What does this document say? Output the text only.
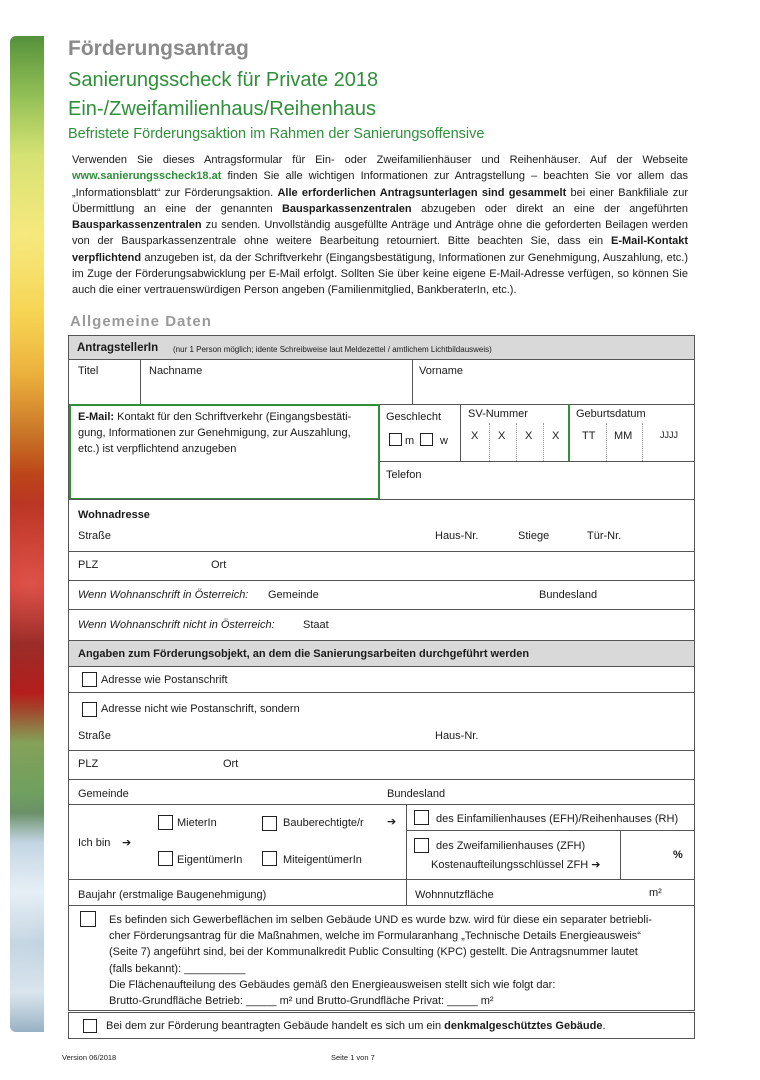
Förderungsantrag
Sanierungsscheck für Private 2018
Ein-/Zweifamilienhaus/Reihenhaus
Befristete Förderungsaktion im Rahmen der Sanierungsoffensive
Verwenden Sie dieses Antragsformular für Ein- oder Zweifamilienhäuser und Reihenhäuser. Auf der Webseite www.sanierungsscheck18.at finden Sie alle wichtigen Informationen zur Antragstellung – beachten Sie vor allem das „Informationsblatt“ zur Förderungsaktion. Alle erforderlichen Antragsunterlagen sind gesammelt bei einer Bankfiliale zur Übermittlung an eine der genannten Bausparkassenzentralen abzugeben oder direkt an eine der angeführten Bausparkassenzentralen zu senden. Unvollständig ausgefüllte Anträge und Anträge ohne die geforderten Beilagen werden von der Bausparkassenzentrale ohne weitere Bearbeitung retourniert. Bitte beachten Sie, dass ein E-Mail-Kontakt verpflichtend anzugeben ist, da der Schriftverkehr (Eingangsbestätigung, Informationen zur Genehmigung, Auszahlung, etc.) im Zuge der Förderungsabwicklung per E-Mail erfolgt. Sollten Sie über keine eigene E-Mail-Adresse verfügen, so können Sie auch die einer vertrauenswürdigen Person angeben (Familienmitglied, BankberaterIn, etc.).
Allgemeine Daten
AntragstellerIn (nur 1 Person möglich; idente Schreibweise laut Meldezettel / amtlichem Lichtbildausweis)
Titel	Nachname	Vorname
E-Mail: Kontakt für den Schriftverkehr (Eingangsbestäti-
gung, Informationen zur Genehmigung, zur Auszahlung,
etc.) ist verpflichtend anzugeben
Geschlecht
m w
SV-Nummer
X X X X
Geburtsdatum
TT MM	JJJJ
Telefon
Wohnadresse
Straße	Haus-Nr.	Stiege	Tür-Nr.
PLZ	Ort
Wenn Wohnanschrift in Österreich: Gemeinde	Bundesland
Wenn Wohnanschrift nicht in Österreich:	Staat
Angaben zum Förderungsobjekt, an dem die Sanierungsarbeiten durchgeführt werden
Adresse wie Postanschrift
Adresse nicht wie Postanschrift, sondern
Straße	Haus-Nr.
PLZ	Ort
Gemeinde	Bundesland
Ich bin ➔
MieterIn	Bauberechtigte/r
EigentümerIn	MiteigentümerIn
➔	des Einfamilienhauses (EFH)/Reihenhauses (RH)
des Zweifamilienhauses (ZFH)
Kostenaufteilungsschlüssel ZFH ➔
%
Baujahr (erstmalige Baugenehmigung)	Wohnnutzfläche	m²
Es befinden sich Gewerbeflächen im selben Gebäude UND es wurde bzw. wird für diese ein separater betriebli-
cher Förderungsantrag für die Maßnahmen, welche im Formularanhang „Technische Details Energieausweis“
(Seite 7) angeführt sind, bei der Kommunalkredit Public Consulting (KPC) gestellt. Die Antragsnummer lautet
(falls bekannt): __________
Die Flächenaufteilung des Gebäudes gemäß den Energieausweisen stellt sich wie folgt dar:
Brutto-Grundfläche Betrieb: _____ m² und Brutto-Grundfläche Privat: _____ m²
Bei dem zur Förderung beantragten Gebäude handelt es sich um ein denkmalgeschütztes Gebäude.
Version 06/2018	Seite 1 von 7
